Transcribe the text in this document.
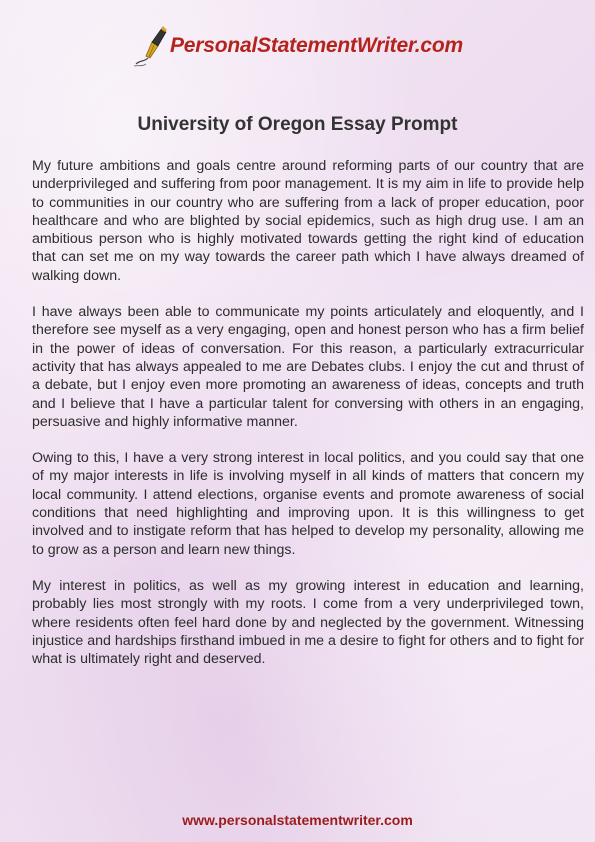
PersonalStatementWriter.com
University of Oregon Essay Prompt

My future ambitions and goals centre around reforming parts of our country that are underprivileged and suffering from poor management. It is my aim in life to provide help to communities in our country who are suffering from a lack of proper education, poor healthcare and who are blighted by social epidemics, such as high drug use. I am an ambitious person who is highly motivated towards getting the right kind of education that can set me on my way towards the career path which I have always dreamed of walking down.

I have always been able to communicate my points articulately and eloquently, and I therefore see myself as a very engaging, open and honest person who has a firm belief in the power of ideas of conversation. For this reason, a particularly extracurricular activity that has always appealed to me are Debates clubs. I enjoy the cut and thrust of a debate, but I enjoy even more promoting an awareness of ideas, concepts and truth and I believe that I have a particular talent for conversing with others in an engaging, persuasive and highly informative manner.

Owing to this, I have a very strong interest in local politics, and you could say that one of my major interests in life is involving myself in all kinds of matters that concern my local community. I attend elections, organise events and promote awareness of social conditions that need highlighting and improving upon. It is this willingness to get involved and to instigate reform that has helped to develop my personality, allowing me to grow as a person and learn new things.

My interest in politics, as well as my growing interest in education and learning, probably lies most strongly with my roots. I come from a very underprivileged town, where residents often feel hard done by and neglected by the government. Witnessing injustice and hardships firsthand imbued in me a desire to fight for others and to fight for what is ultimately right and deserved.

www.personalstatementwriter.com
